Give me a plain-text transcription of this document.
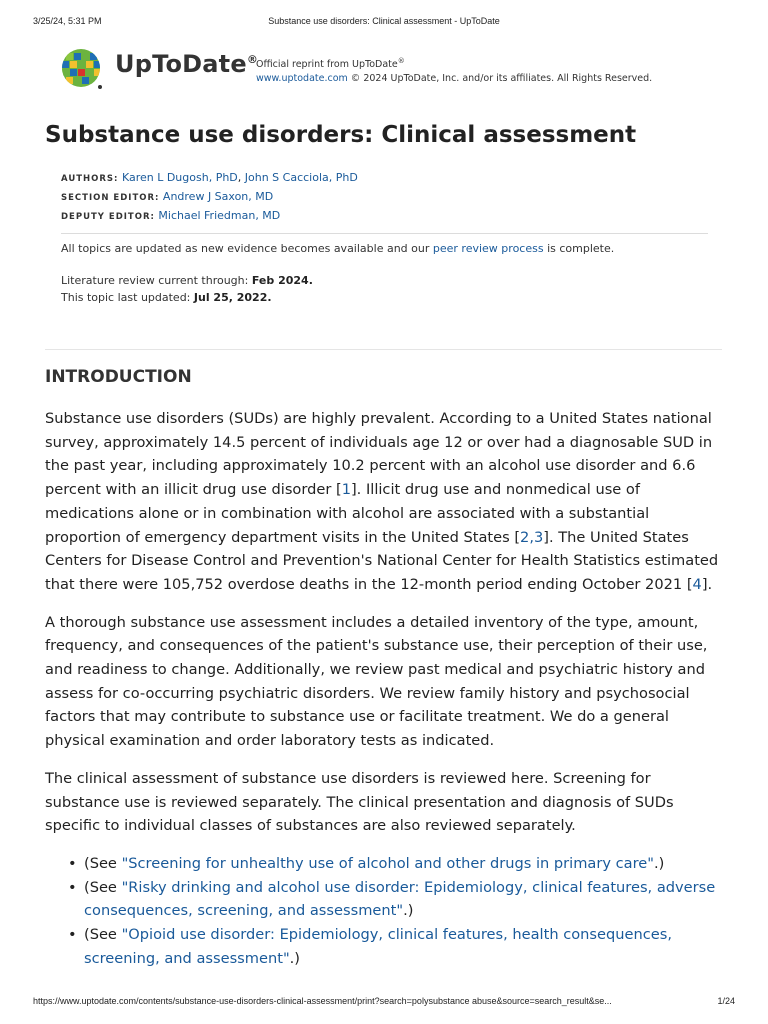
3/25/24, 5:31 PM	Substance use disorders: Clinical assessment - UpToDate
UpToDate®
Official reprint from UpToDate®
www.uptodate.com © 2024 UpToDate, Inc. and/or its affiliates. All Rights Reserved.
Substance use disorders: Clinical assessment
AUTHORS: Karen L Dugosh, PhD, John S Cacciola, PhD
SECTION EDITOR: Andrew J Saxon, MD
DEPUTY EDITOR: Michael Friedman, MD
All topics are updated as new evidence becomes available and our peer review process is complete.
Literature review current through: Feb 2024.
This topic last updated: Jul 25, 2022.
INTRODUCTION

Substance use disorders (SUDs) are highly prevalent. According to a United States national survey, approximately 14.5 percent of individuals age 12 or over had a diagnosable SUD in the past year, including approximately 10.2 percent with an alcohol use disorder and 6.6 percent with an illicit drug use disorder [1]. Illicit drug use and nonmedical use of medications alone or in combination with alcohol are associated with a substantial proportion of emergency department visits in the United States [2,3]. The United States Centers for Disease Control and Prevention's National Center for Health Statistics estimated that there were 105,752 overdose deaths in the 12-month period ending October 2021 [4].

A thorough substance use assessment includes a detailed inventory of the type, amount, frequency, and consequences of the patient's substance use, their perception of their use, and readiness to change. Additionally, we review past medical and psychiatric history and assess for co-occurring psychiatric disorders. We review family history and psychosocial factors that may contribute to substance use or facilitate treatment. We do a general physical examination and order laboratory tests as indicated.

The clinical assessment of substance use disorders is reviewed here. Screening for substance use is reviewed separately. The clinical presentation and diagnosis of SUDs specific to individual classes of substances are also reviewed separately.

• (See "Screening for unhealthy use of alcohol and other drugs in primary care".)
• (See "Risky drinking and alcohol use disorder: Epidemiology, clinical features, adverse consequences, screening, and assessment".)
• (See "Opioid use disorder: Epidemiology, clinical features, health consequences, screening, and assessment".)
https://www.uptodate.com/contents/substance-use-disorders-clinical-assessment/print?search=polysubstance abuse&source=search_result&se...	1/24
